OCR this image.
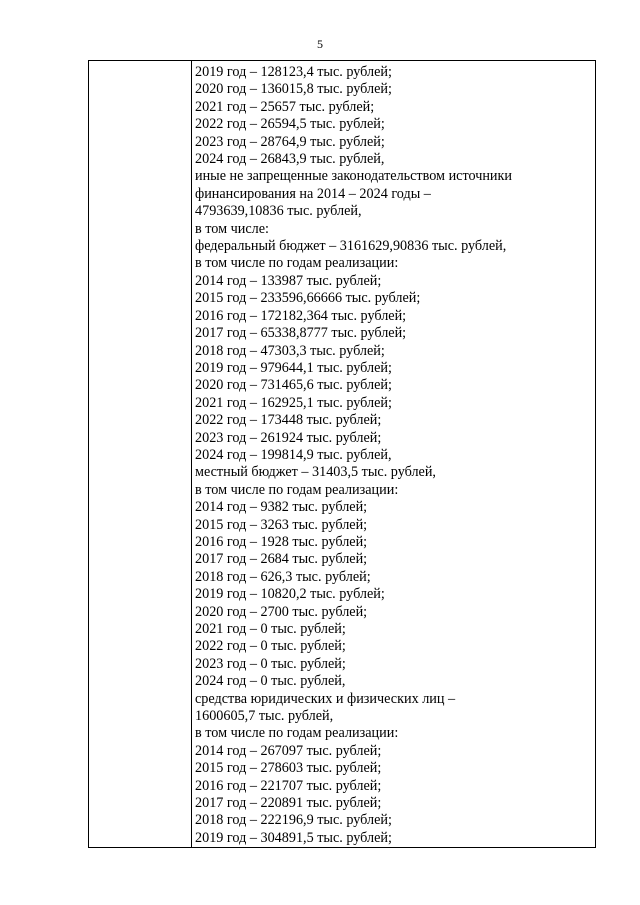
5
2019 год – 128123,4 тыс. рублей;
2020 год – 136015,8 тыс. рублей;
2021 год – 25657 тыс. рублей;
2022 год – 26594,5 тыс. рублей;
2023 год – 28764,9 тыс. рублей;
2024 год – 26843,9 тыс. рублей,
иные не запрещенные законодательством источники
финансирования на 2014 – 2024 годы –
4793639,10836 тыс. рублей,
в том числе:
федеральный бюджет – 3161629,90836 тыс. рублей,
в том числе по годам реализации:
2014 год – 133987 тыс. рублей;
2015 год – 233596,66666 тыс. рублей;
2016 год – 172182,364 тыс. рублей;
2017 год – 65338,8777 тыс. рублей;
2018 год – 47303,3 тыс. рублей;
2019 год – 979644,1 тыс. рублей;
2020 год – 731465,6 тыс. рублей;
2021 год – 162925,1 тыс. рублей;
2022 год – 173448 тыс. рублей;
2023 год – 261924 тыс. рублей;
2024 год – 199814,9 тыс. рублей,
местный бюджет – 31403,5 тыс. рублей,
в том числе по годам реализации:
2014 год – 9382 тыс. рублей;
2015 год – 3263 тыс. рублей;
2016 год – 1928 тыс. рублей;
2017 год – 2684 тыс. рублей;
2018 год – 626,3 тыс. рублей;
2019 год – 10820,2 тыс. рублей;
2020 год – 2700 тыс. рублей;
2021 год – 0 тыс. рублей;
2022 год – 0 тыс. рублей;
2023 год – 0 тыс. рублей;
2024 год – 0 тыс. рублей,
средства юридических и физических лиц –
1600605,7 тыс. рублей,
в том числе по годам реализации:
2014 год – 267097 тыс. рублей;
2015 год – 278603 тыс. рублей;
2016 год – 221707 тыс. рублей;
2017 год – 220891 тыс. рублей;
2018 год – 222196,9 тыс. рублей;
2019 год – 304891,5 тыс. рублей;
